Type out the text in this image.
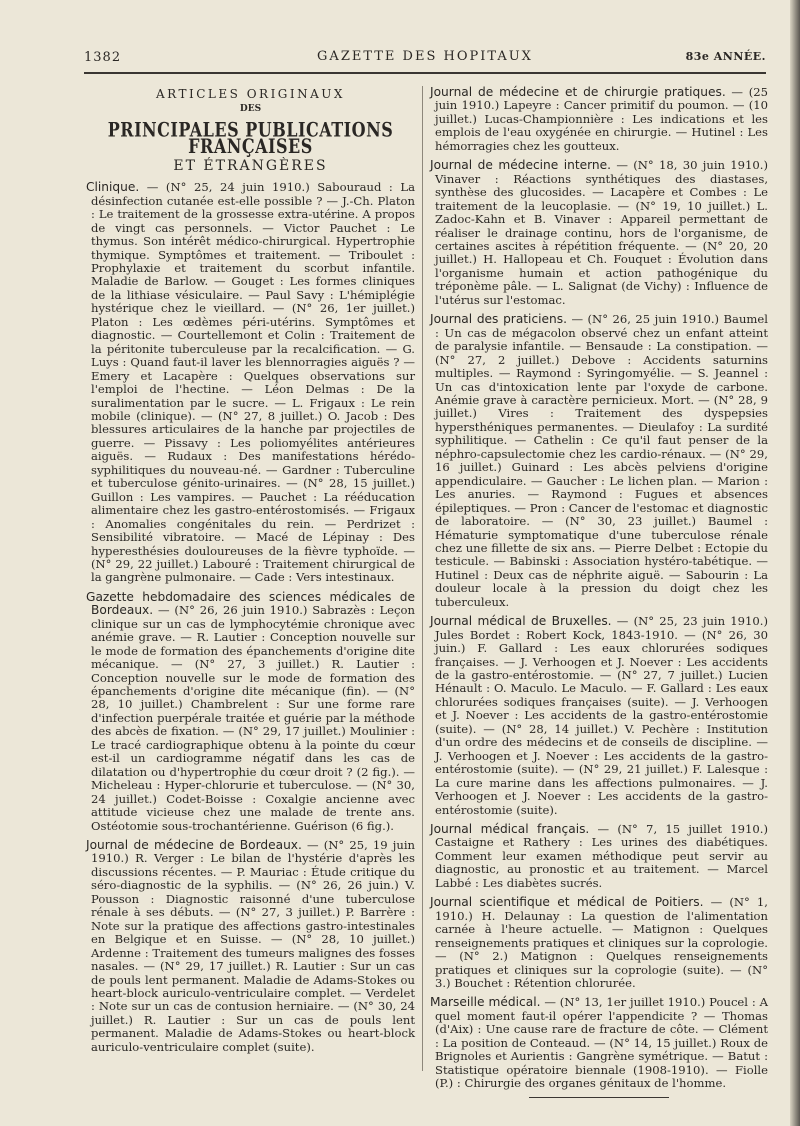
1382	GAZETTE DES HOPITAUX	83e ANNÉE.
ARTICLES ORIGINAUX
DES
PRINCIPALES PUBLICATIONS FRANÇAISES
ET ÉTRANGÈRES

Clinique. — (N° 25, 24 juin 1910.) Sabouraud : La désinfection cutanée est-elle possible ? — J.-Ch. Platon : Le traitement de la grossesse extra-utérine. A propos de vingt cas personnels. — Victor Pauchet : Le thymus. Son intérêt médico-chirurgical. Hypertrophie thymique. Symptômes et traitement. — Triboulet : Prophylaxie et traitement du scorbut infantile. Maladie de Barlow. — Gouget : Les formes cliniques de la lithiase vésiculaire. — Paul Savy : L'hémiplégie hystérique chez le vieillard. — (N° 26, 1er juillet.) Platon : Les œdèmes péri-utérins. Symptômes et diagnostic. — Courtellemont et Colin : Traitement de la péritonite tuberculeuse par la recalcification. — G. Luys : Quand faut-il laver les blennorragies aiguës ? — Emery et Lacapère : Quelques observations sur l'emploi de l'hectine. — Léon Delmas : De la suralimentation par le sucre. — L. Frigaux : Le rein mobile (clinique). — (N° 27, 8 juillet.) O. Jacob : Des blessures articulaires de la hanche par projectiles de guerre. — Pissavy : Les poliomyélites antérieures aiguës. — Rudaux : Des manifestations hérédo-syphilitiques du nouveau-né. — Gardner : Tuberculine et tuberculose génito-urinaires. — (N° 28, 15 juillet.) Guillon : Les vampires. — Pauchet : La rééducation alimentaire chez les gastro-entérostomisés. — Frigaux : Anomalies congénitales du rein. — Perdrizet : Sensibilité vibratoire. — Macé de Lépinay : Des hyperesthésies douloureuses de la fièvre typhoïde. — (N° 29, 22 juillet.) Labouré : Traitement chirurgical de la gangrène pulmonaire. — Cade : Vers intestinaux.

Gazette hebdomadaire des sciences médicales de Bordeaux. — (N° 26, 26 juin 1910.) Sabrazès : Leçon clinique sur un cas de lymphocytémie chronique avec anémie grave. — R. Lautier : Conception nouvelle sur le mode de formation des épanchements d'origine dite mécanique. — (N° 27, 3 juillet.) R. Lautier : Conception nouvelle sur le mode de formation des épanchements d'origine dite mécanique (fin). — (N° 28, 10 juillet.) Chambrelent : Sur une forme rare d'infection puerpérale traitée et guérie par la méthode des abcès de fixation. — (N° 29, 17 juillet.) Moulinier : Le tracé cardiographique obtenu à la pointe du cœur est-il un cardiogramme négatif dans les cas de dilatation ou d'hypertrophie du cœur droit ? (2 fig.). — Micheleau : Hyper-chlorurie et tuberculose. — (N° 30, 24 juillet.) Codet-Boisse : Coxalgie ancienne avec attitude vicieuse chez une malade de trente ans. Ostéotomie sous-trochantérienne. Guérison (6 fig.).

Journal de médecine de Bordeaux. — (N° 25, 19 juin 1910.) R. Verger : Le bilan de l'hystérie d'après les discussions récentes. — P. Mauriac : Étude critique du séro-diagnostic de la syphilis. — (N° 26, 26 juin.) V. Pousson : Diagnostic raisonné d'une tuberculose rénale à ses débuts. — (N° 27, 3 juillet.) P. Barrère : Note sur la pratique des affections gastro-intestinales en Belgique et en Suisse. — (N° 28, 10 juillet.) Ardenne : Traitement des tumeurs malignes des fosses nasales. — (N° 29, 17 juillet.) R. Lautier : Sur un cas de pouls lent permanent. Maladie de Adams-Stokes ou heart-block auriculo-ventriculaire complet. — Verdelet : Note sur un cas de contusion herniaire. — (N° 30, 24 juillet.) R. Lautier : Sur un cas de pouls lent permanent. Maladie de Adams-Stokes ou heart-block auriculo-ventriculaire complet (suite).

Journal de médecine et de chirurgie pratiques. — (25 juin 1910.) Lapeyre : Cancer primitif du poumon. — (10 juillet.) Lucas-Championnière : Les indications et les emplois de l'eau oxygénée en chirurgie. — Hutinel : Les hémorragies chez les goutteux.

Journal de médecine interne. — (N° 18, 30 juin 1910.) Vinaver : Réactions synthétiques des diastases, synthèse des glucosides. — Lacapère et Combes : Le traitement de la leucoplasie. — (N° 19, 10 juillet.) L. Zadoc-Kahn et B. Vinaver : Appareil permettant de réaliser le drainage continu, hors de l'organisme, de certaines ascites à répétition fréquente. — (N° 20, 20 juillet.) H. Hallopeau et Ch. Fouquet : Évolution dans l'organisme humain et action pathogénique du tréponème pâle. — L. Salignat (de Vichy) : Influence de l'utérus sur l'estomac.

Journal des praticiens. — (N° 26, 25 juin 1910.) Baumel : Un cas de mégacolon observé chez un enfant atteint de paralysie infantile. — Bensaude : La constipation. — (N° 27, 2 juillet.) Debove : Accidents saturnins multiples. — Raymond : Syringomyélie. — S. Jeannel : Un cas d'intoxication lente par l'oxyde de carbone. Anémie grave à caractère pernicieux. Mort. — (N° 28, 9 juillet.) Vires : Traitement des dyspepsies hypersthéniques permanentes. — Dieulafoy : La surdité syphilitique. — Cathelin : Ce qu'il faut penser de la néphro-capsulectomie chez les cardio-rénaux. — (N° 29, 16 juillet.) Guinard : Les abcès pelviens d'origine appendiculaire. — Gaucher : Le lichen plan. — Marion : Les anuries. — Raymond : Fugues et absences épileptiques. — Pron : Cancer de l'estomac et diagnostic de laboratoire. — (N° 30, 23 juillet.) Baumel : Hématurie symptomatique d'une tuberculose rénale chez une fillette de six ans. — Pierre Delbet : Ectopie du testicule. — Babinski : Association hystéro-tabétique. — Hutinel : Deux cas de néphrite aiguë. — Sabourin : La douleur locale à la pression du doigt chez les tuberculeux.

Journal médical de Bruxelles. — (N° 25, 23 juin 1910.) Jules Bordet : Robert Kock, 1843-1910. — (N° 26, 30 juin.) F. Gallard : Les eaux chlorurées sodiques françaises. — J. Verhoogen et J. Noever : Les accidents de la gastro-entérostomie. — (N° 27, 7 juillet.) Lucien Hénault : O. Maculo. Le Maculo. — F. Gallard : Les eaux chlorurées sodiques françaises (suite). — J. Verhoogen et J. Noever : Les accidents de la gastro-entérostomie (suite). — (N° 28, 14 juillet.) V. Pechère : Institution d'un ordre des médecins et de conseils de discipline. — J. Verhoogen et J. Noever : Les accidents de la gastro-entérostomie (suite). — (N° 29, 21 juillet.) F. Lalesque : La cure marine dans les affections pulmonaires. — J. Verhoogen et J. Noever : Les accidents de la gastro-entérostomie (suite).

Journal médical français. — (N° 7, 15 juillet 1910.) Castaigne et Rathery : Les urines des diabétiques. Comment leur examen méthodique peut servir au diagnostic, au pronostic et au traitement. — Marcel Labbé : Les diabètes sucrés.

Journal scientifique et médical de Poitiers. — (N° 1, 1910.) H. Delaunay : La question de l'alimentation carnée à l'heure actuelle. — Matignon : Quelques renseignements pratiques et cliniques sur la coprologie. — (N° 2.) Matignon : Quelques renseignements pratiques et cliniques sur la coprologie (suite). — (N° 3.) Bouchet : Rétention chlorurée.

Marseille médical. — (N° 13, 1er juillet 1910.) Poucel : A quel moment faut-il opérer l'appendicite ? — Thomas (d'Aix) : Une cause rare de fracture de côte. — Clément : La position de Conteaud. — (N° 14, 15 juillet.) Roux de Brignoles et Aurientis : Gangrène symétrique. — Batut : Statistique opératoire biennale (1908-1910). — Fiolle (P.) : Chirurgie des organes génitaux de l'homme.
